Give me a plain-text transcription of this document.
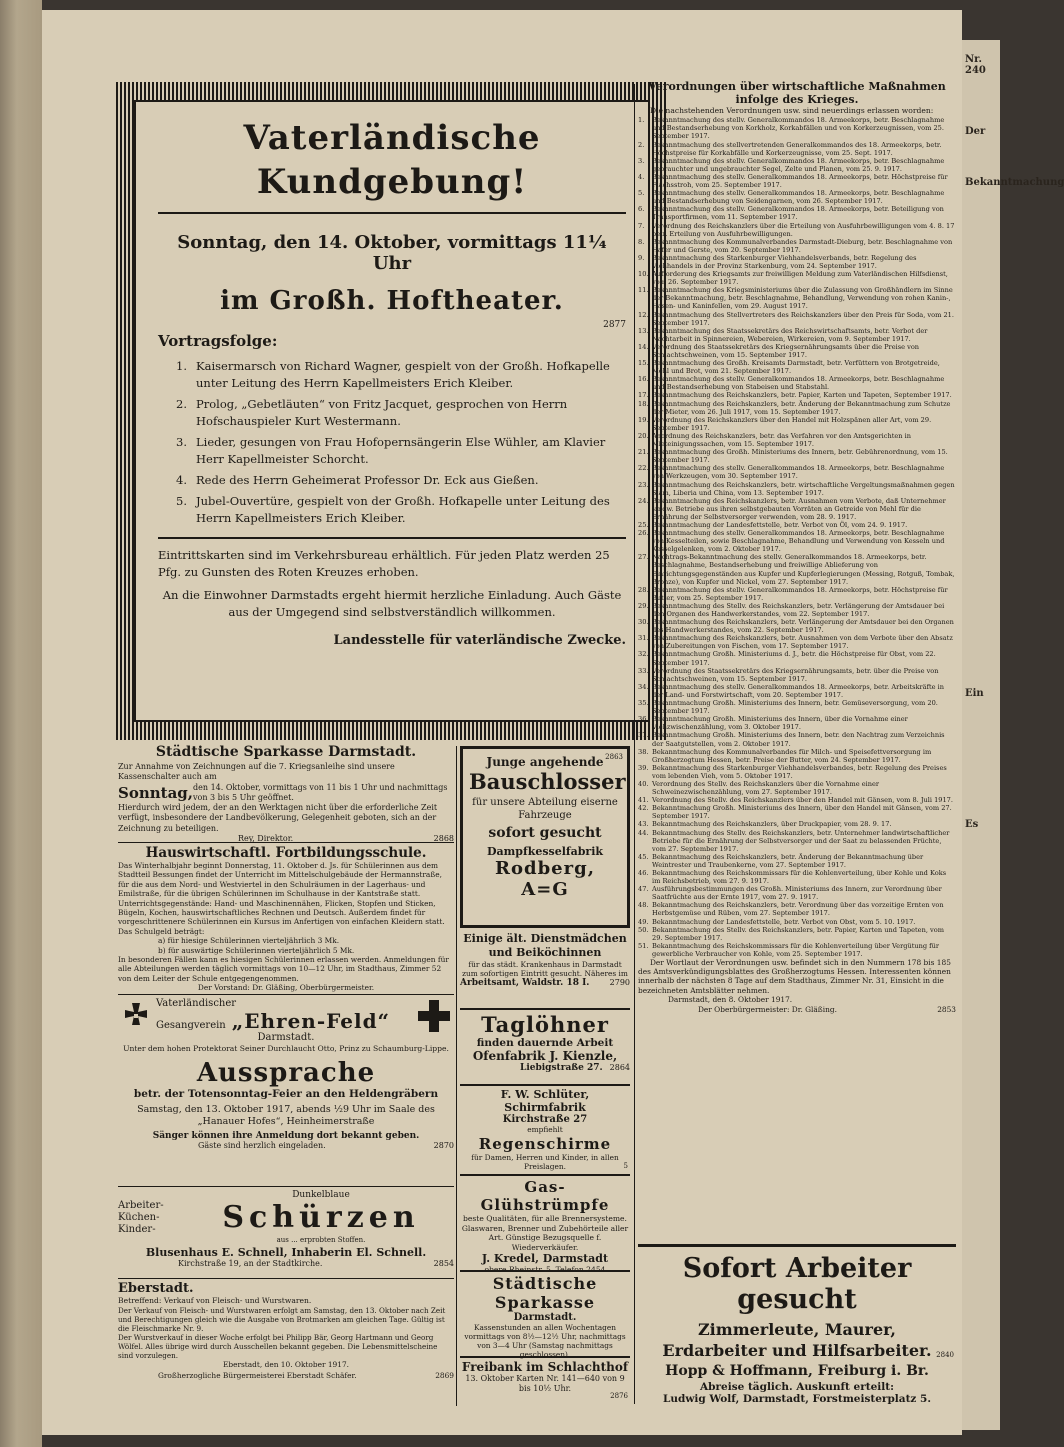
Nr. 240
Der
Bekanntmachung
Ein
Es
Vaterländische Kundgebung!
Sonntag, den 14. Oktober, vormittags 11¼ Uhr
im Großh. Hoftheater.
2877
Vortragsfolge:
1. Kaisermarsch von Richard Wagner, gespielt von der Großh. Hofkapelle unter Leitung des Herrn Kapellmeisters Erich Kleiber.
2. Prolog, „Gebetläuten“ von Fritz Jacquet, gesprochen von Herrn Hofschauspieler Kurt Westermann.
3. Lieder, gesungen von Frau Hofopernsängerin Else Wühler, am Klavier Herr Kapellmeister Schorcht.
4. Rede des Herrn Geheimerat Professor Dr. Eck aus Gießen.
5. Jubel-Ouvertüre, gespielt von der Großh. Hofkapelle unter Leitung des Herrn Kapellmeisters Erich Kleiber.
Eintrittskarten sind im Verkehrsbureau erhältlich. Für jeden Platz werden 25 Pfg. zu Gunsten des Roten Kreuzes erhoben.
An die Einwohner Darmstadts ergeht hiermit herzliche Einladung. Auch Gäste aus der Umgegend sind selbstverständlich willkommen.
Landesstelle für vaterländische Zwecke.
Städtische Sparkasse Darmstadt.
Zur Annahme von Zeichnungen auf die 7. Kriegsanleihe sind unsere Kassenschalter auch am
Sonntag, den 14. Oktober, vormittags von 11 bis 1 Uhr und nachmittags von 3 bis 5 Uhr geöffnet.
Hierdurch wird jedem, der an den Werktagen nicht über die erforderliche Zeit verfügt, insbesondere der Landbevölkerung, Gelegenheit geboten, sich an der Zeichnung zu beteiligen.
Rey, Direktor.	2868
Hauswirtschaftl. Fortbildungsschule.
Das Winterhalbjahr beginnt Donnerstag, 11. Oktober d. Js. für Schülerinnen aus dem Stadtteil Bessungen findet der Unterricht im Mittelschulgebäude der Hermannstraße, für die aus dem Nord- und Westviertel in den Schulräumen in der Lagerhaus- und Emilstraße, für die übrigen Schülerinnen im Schulhause in der Kantstraße statt.
Unterrichtsgegenstände: Hand- und Maschinennähen, Flicken, Stopfen und Sticken, Bügeln, Kochen, hauswirtschaftliches Rechnen und Deutsch. Außerdem findet für vorgeschrittenere Schülerinnen ein Kursus im Anfertigen von einfachen Kleidern statt.
Das Schulgeld beträgt:
a) für hiesige Schülerinnen vierteljährlich 3 Mk.
b) für auswärtige Schülerinnen vierteljährlich 5 Mk.
In besonderen Fällen kann es hiesigen Schülerinnen erlassen werden. Anmeldungen für alle Abteilungen werden täglich vormittags von 10—12 Uhr, im Stadthaus, Zimmer 52 von dem Leiter der Schule entgegengenommen.
Der Vorstand: Dr. Gläßing, Oberbürgermeister.
Vaterländischer
Gesangverein „Ehren-Feld“
Darmstadt.
Unter dem hohen Protektorat Seiner Durchlaucht Otto, Prinz zu Schaumburg-Lippe.
Aussprache
betr. der Totensonntag-Feier an den Heldengräbern
Samstag, den 13. Oktober 1917, abends ½9 Uhr im Saale des „Hanauer Hofes“, Heinheimerstraße
Sänger können ihre Anmeldung dort bekannt geben.
Gäste sind herzlich eingeladen.	2870
Arbeiter-
Küchen-
Kinder-
Dunkelblaue
Schürzen
aus ... erprobten Stoffen.
Blusenhaus E. Schnell, Inhaberin El. Schnell.
Kirchstraße 19, an der Stadtkirche.	2854
Eberstadt.
Betreffend: Verkauf von Fleisch- und Wurstwaren.
Der Verkauf von Fleisch- und Wurstwaren erfolgt am Samstag, den 13. Oktober nach Zeit und Berechtigungen gleich wie die Ausgabe von Brotmarken am gleichen Tage. Gültig ist die Fleischmarke Nr. 9.
Der Wurstverkauf in dieser Woche erfolgt bei Philipp Bär, Georg Hartmann und Georg Wölfel. Alles übrige wird durch Ausschellen bekannt gegeben. Die Lebensmittelscheine sind vorzulegen.
Eberstadt, den 10. Oktober 1917.
Großherzogliche Bürgermeisterei Eberstadt Schäfer.	2869
Junge angehende
Bauschlosser
für unsere Abteilung eiserne Fahrzeuge
sofort gesucht
Dampfkesselfabrik
Rodberg, A=G
2863
Einige ält. Dienstmädchen und Beiköchinnen
für das städt. Krankenhaus in Darmstadt zum sofortigen Eintritt gesucht. Näheres im
Arbeitsamt, Waldstr. 18 I.	2790
Taglöhner
finden dauernde Arbeit
Ofenfabrik J. Kienzle,
Liebigstraße 27. 2864
F. W. Schlüter, Schirmfabrik
Kirchstraße 27
empfiehlt
Regenschirme
für Damen, Herren und Kinder, in allen Preislagen.	5
Gas-Glühstrümpfe
beste Qualitäten, für alle Brennersysteme. Glaswaren, Brenner und Zubehörteile aller Art. Günstige Bezugsquelle f. Wiederverkäufer.
J. Kredel, Darmstadt
obere Rheinstr. 5. Telefon 2454
Städtische Sparkasse
Darmstadt.
Kassenstunden an allen Wochentagen vormittags von 8½—12½ Uhr, nachmittags von 3—4 Uhr (Samstag nachmittags geschlossen).
Freibank im Schlachthof
13. Oktober Karten Nr. 141—640 von 9 bis 10½ Uhr.
2876
Verordnungen über wirtschaftliche Maßnahmen
infolge des Krieges.
Die nachstehenden Verordnungen usw. sind neuerdings erlassen worden:
1.	Bekanntmachung des stellv. Generalkommandos 18. Armeekorps, betr. Beschlagnahme und Bestandserhebung von Korkholz, Korkabfällen und von Korkerzeugnissen, vom 25. September 1917.
2.	Bekanntmachung des stellvertretenden Generalkommandos des 18. Armeekorps, betr. Höchstpreise für Korkabfälle und Korkerzeugnisse, vom 25. Sept. 1917.
3.	Bekanntmachung des stellv. Generalkommandos 18. Armeekorps, betr. Beschlagnahme gebrauchter und ungebrauchter Segel, Zelte und Planen, vom 25. 9. 1917.
4.	Bekanntmachung des stellv. Generalkommandos 18. Armeekorps, betr. Höchstpreise für Flachsstroh, vom 25. September 1917.
5.	Bekanntmachung des stellv. Generalkommandos 18. Armeekorps, betr. Beschlagnahme und Bestandserhebung von Seidengarnen, vom 26. September 1917.
6.	Bekanntmachung des stellv. Generalkommandos 18. Armeekorps, betr. Beteiligung von Transportfirmen, vom 11. September 1917.
7.	Verordnung des Reichskanzlers über die Erteilung von Ausfuhrbewilligungen vom 4. 8. 17 betr. Erteilung von Ausfuhrbewilligungen.
8.	Bekanntmachung des Kommunalverbandes Darmstadt-Dieburg, betr. Beschlagnahme von Hafer und Gerste, vom 20. September 1917.
9.	Bekanntmachung des Starkenburger Viehhandelsverbands, betr. Regelung des Viehhandels in der Provinz Starkenburg, vom 24. September 1917.
10. Aufforderung des Kriegsamts zur freiwilligen Meldung zum Vaterländischen Hilfsdienst, vom 26. September 1917.
11. Bekanntmachung des Kriegsministeriums über die Zulassung von Großhändlern im Sinne der Bekanntmachung, betr. Beschlagnahme, Behandlung, Verwendung von rohen Kanin-, Hasen- und Kaninfellen, vom 29. August 1917.
12. Bekanntmachung des Stellvertreters des Reichskanzlers über den Preis für Soda, vom 21. September 1917.
13. Bekanntmachung des Staatssekretärs des Reichswirtschaftsamts, betr. Verbot der Nachtarbeit in Spinnereien, Webereien, Wirkereien, vom 9. September 1917.
14. Verordnung des Staatssekretärs des Kriegsernährungsamts über die Preise von Schlachtschweinen, vom 15. September 1917.
15. Bekanntmachung des Großh. Kreisamts Darmstadt, betr. Verfüttern von Brotgetreide, Mehl und Brot, vom 21. September 1917.
16. Bekanntmachung des stellv. Generalkommandos 18. Armeekorps, betr. Beschlagnahme und Bestandserhebung von Stabeisen und Stabstahl.
17. Bekanntmachung des Reichskanzlers, betr. Papier, Karten und Tapeten, September 1917.
18. Bekanntmachung des Reichskanzlers, betr. Änderung der Bekanntmachung zum Schutze der Mieter, vom 26. Juli 1917, vom 15. September 1917.
19. Verordnung des Reichskanzlers über den Handel mit Holzspänen aller Art, vom 29. September 1917.
20. Anordnung des Reichskanzlers, betr. das Verfahren vor den Amtsgerichten in Mieteinigungssachen, vom 15. September 1917.
21. Bekanntmachung des Großh. Ministeriums des Innern, betr. Gebührenordnung, vom 15. September 1917.
22. Bekanntmachung des stellv. Generalkommandos 18. Armeekorps, betr. Beschlagnahme von Werkzeugen, vom 30. September 1917.
23. Bekanntmachung des Reichskanzlers, betr. wirtschaftliche Vergeltungsmaßnahmen gegen Siam, Liberia und China, vom 13. September 1917.
24. Bekanntmachung des Reichskanzlers, betr. Ausnahmen vom Verbote, daß Unternehmer landw. Betriebe aus ihren selbstgebauten Vorräten an Getreide von Mehl für die Ernährung der Selbstversorger verwenden, vom 28. 9. 1917.
25. Bekanntmachung der Landesfettstelle, betr. Verbot von Öl, vom 24. 9. 1917.
26. Bekanntmachung des stellv. Generalkommandos 18. Armeekorps, betr. Beschlagnahme von Kesselteilen, sowie Beschlagnahme, Behandlung und Verwendung von Kesseln und Kesselgelenken, vom 2. Oktober 1917.
27. Nachtrags-Bekanntmachung des stellv. Generalkommandos 18. Armeekorps, betr. Beschlagnahme, Bestandserhebung und freiwillige Ablieferung von Einrichtungsgegenständen aus Kupfer und Kupferlegierungen (Messing, Rotguß, Tombak, Bronze), von Kupfer und Nickel, vom 27. September 1917.
28. Bekanntmachung des stellv. Generalkommandos 18. Armeekorps, betr. Höchstpreise für Butter, vom 25. September 1917.
29. Bekanntmachung des Stellv. des Reichskanzlers, betr. Verlängerung der Amtsdauer bei den Organen des Handwerkerstandes, vom 22. September 1917.
30. Bekanntmachung des Reichskanzlers, betr. Verlängerung der Amtsdauer bei den Organen des Handwerkerstandes, vom 22. September 1917.
31. Bekanntmachung des Reichskanzlers, betr. Ausnahmen von dem Verbote über den Absatz von Zubereitungen von Fischen, vom 17. September 1917.
32. Bekanntmachung Großh. Ministeriums d. J., betr. die Höchstpreise für Obst, vom 22. September 1917.
33. Verordnung des Staatssekretärs des Kriegsernährungsamts, betr. über die Preise von Schlachtschweinen, vom 15. September 1917.
34. Bekanntmachung des stellv. Generalkommandos 18. Armeekorps, betr. Arbeitskräfte in der Land- und Forstwirtschaft, vom 20. September 1917.
35. Bekanntmachung Großh. Ministeriums des Innern, betr. Gemüseversorgung, vom 20. September 1917.
36. Bekanntmachung Großh. Ministeriums des Innern, über die Vornahme einer Viehzwischenzählung, vom 3. Oktober 1917.
37. Bekanntmachung Großh. Ministeriums des Innern, betr. den Nachtrag zum Verzeichnis der Saatgutstellen, vom 2. Oktober 1917.
38. Bekanntmachung des Kommunalverbandes für Milch- und Speisefettversorgung im Großherzogtum Hessen, betr. Preise der Butter, vom 24. September 1917.
39. Bekanntmachung des Starkenburger Viehhandelsverbandes, betr. Regelung des Preises vom lebenden Vieh, vom 5. Oktober 1917.
40. Verordnung des Stellv. des Reichskanzlers über die Vornahme einer Schweinezwischenzählung, vom 27. September 1917.
41. Verordnung des Stellv. des Reichskanzlers über den Handel mit Gänsen, vom 8. Juli 1917.
42. Bekanntmachung Großh. Ministeriums des Innern, über den Handel mit Gänsen, vom 27. September 1917.
43. Bekanntmachung des Reichskanzlers, über Druckpapier, vom 28. 9. 17.
44. Bekanntmachung des Stellv. des Reichskanzlers, betr. Unternehmer landwirtschaftlicher Betriebe für die Ernährung der Selbstversorger und der Saat zu belassenden Früchte, vom 27. September 1917.
45. Bekanntmachung des Reichskanzlers, betr. Änderung der Bekanntmachung über Weintrester und Traubenkerne, vom 27. September 1917.
46. Bekanntmachung des Reichskommissars für die Kohlenverteilung, über Kohle und Koks im Reichsbetrieb, vom 27. 9. 1917.
47. Ausführungsbestimmungen des Großh. Ministeriums des Innern, zur Verordnung über Saatfrüchte aus der Ernte 1917, vom 27. 9. 1917.
48. Bekanntmachung des Reichskanzlers, betr. Verordnung über das vorzeitige Ernten von Herbstgemüse und Rüben, vom 27. September 1917.
49. Bekanntmachung der Landesfettstelle, betr. Verbot von Obst, vom 5. 10. 1917.
50. Bekanntmachung des Stellv. des Reichskanzlers, betr. Papier, Karten und Tapeten, vom 29. September 1917.
51. Bekanntmachung des Reichskommissars für die Kohlenverteilung über Vergütung für gewerbliche Verbraucher von Kohle, vom 25. September 1917.
Der Wortlaut der Verordnungen usw. befindet sich in den Nummern 178 bis 185 des Amtsverkündigungsblattes des Großherzogtums Hessen. Interessenten können innerhalb der nächsten 8 Tage auf dem Stadthaus, Zimmer Nr. 31, Einsicht in die bezeichneten Amtsblätter nehmen.
Darmstadt, den 8. Oktober 1917.
Der Oberbürgermeister: Dr. Gläßing.	2853
Sofort Arbeiter gesucht
Zimmerleute, Maurer, Erdarbeiter und Hilfsarbeiter.
Hopp & Hoffmann, Freiburg i. Br.
Abreise täglich. Auskunft erteilt:
Ludwig Wolf, Darmstadt, Forstmeisterplatz 5.
2840
